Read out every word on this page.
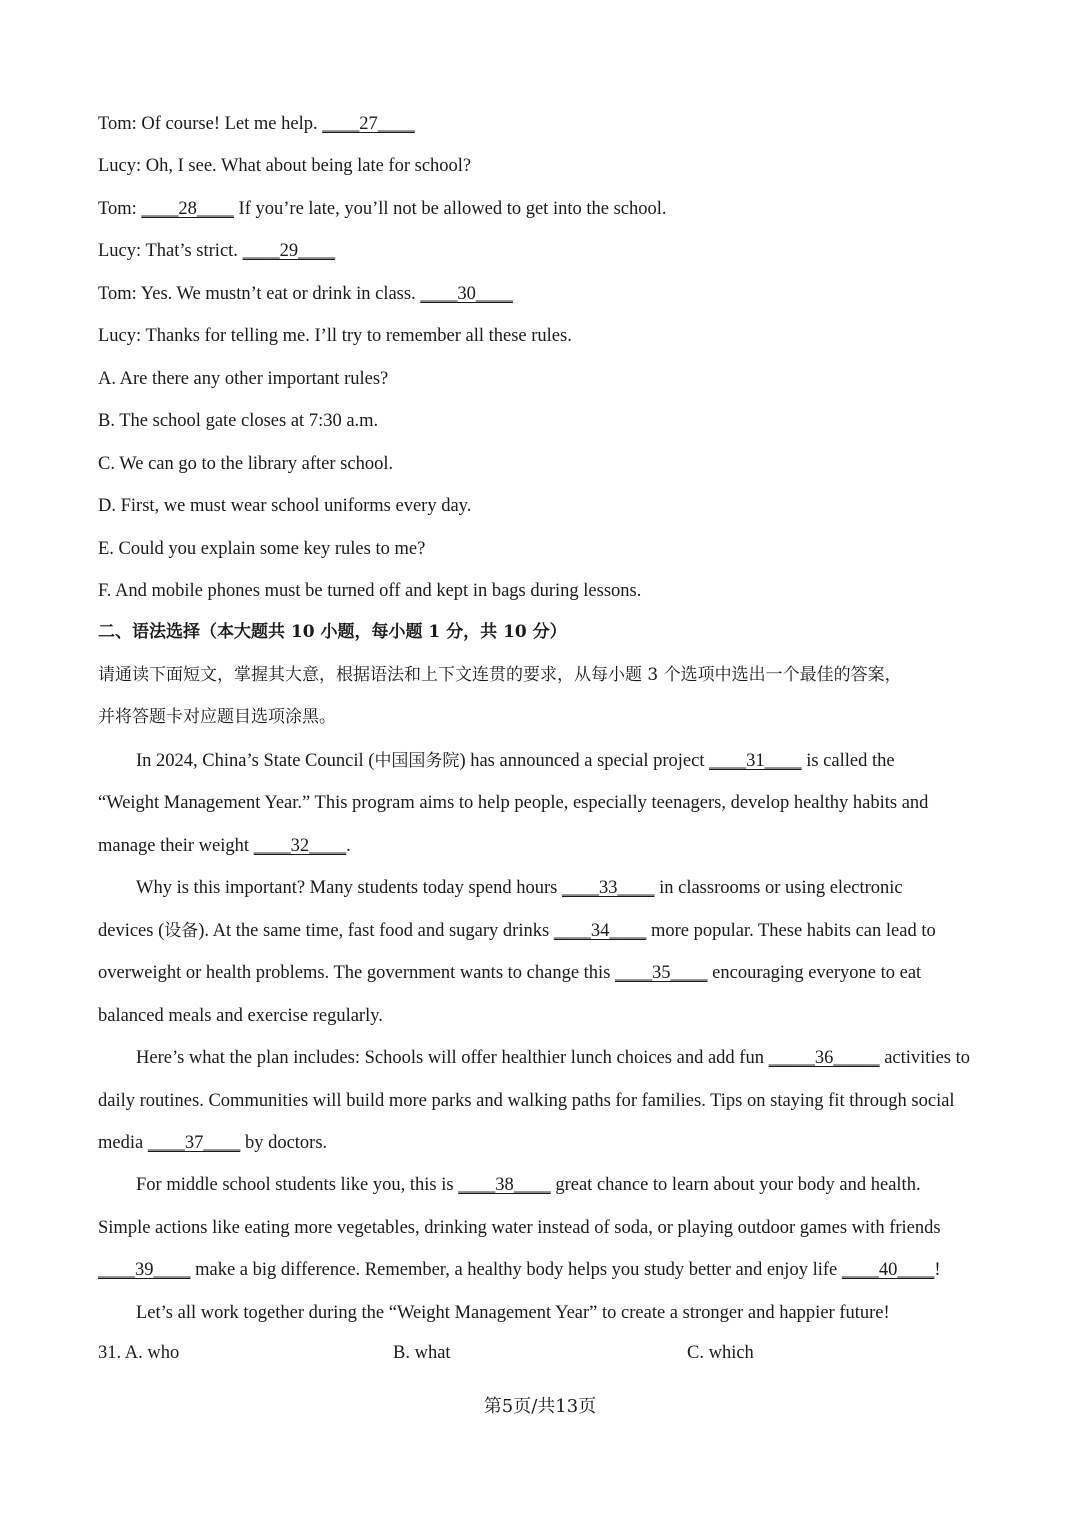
Tom: Of course! Let me help. ____27____
Lucy: Oh, I see. What about being late for school?
Tom: ____28____ If you’re late, you’ll not be allowed to get into the school.
Lucy: That’s strict. ____29____
Tom: Yes. We mustn’t eat or drink in class. ____30____
Lucy: Thanks for telling me. I’ll try to remember all these rules.
A. Are there any other important rules?
B. The school gate closes at 7:30 a.m.
C. We can go to the library after school.
D. First, we must wear school uniforms every day.
E. Could you explain some key rules to me?
F. And mobile phones must be turned off and kept in bags during lessons.
二、语法选择（本大题共 10 小题，每小题 1 分，共 10 分）
请通读下面短文，掌握其大意，根据语法和上下文连贯的要求，从每小题 3 个选项中选出一个最佳的答案，
并将答题卡对应题目选项涂黑。
In 2024, China’s State Council (中国国务院) has announced a special project ____31____ is called the
“Weight Management Year.” This program aims to help people, especially teenagers, develop healthy habits and
manage their weight ____32____.
Why is this important? Many students today spend hours ____33____ in classrooms or using electronic
devices (设备). At the same time, fast food and sugary drinks ____34____ more popular. These habits can lead to
overweight or health problems. The government wants to change this ____35____ encouraging everyone to eat
balanced meals and exercise regularly.
Here’s what the plan includes: Schools will offer healthier lunch choices and add fun _____36_____ activities to
daily routines. Communities will build more parks and walking paths for families. Tips on staying fit through social
media ____37____ by doctors.
For middle school students like you, this is ____38____ great chance to learn about your body and health.
Simple actions like eating more vegetables, drinking water instead of soda, or playing outdoor games with friends
____39____ make a big difference. Remember, a healthy body helps you study better and enjoy life ____40____!
Let’s all work together during the “Weight Management Year” to create a stronger and happier future!
31. A. who	B. what	C. which
第5页/共13页
